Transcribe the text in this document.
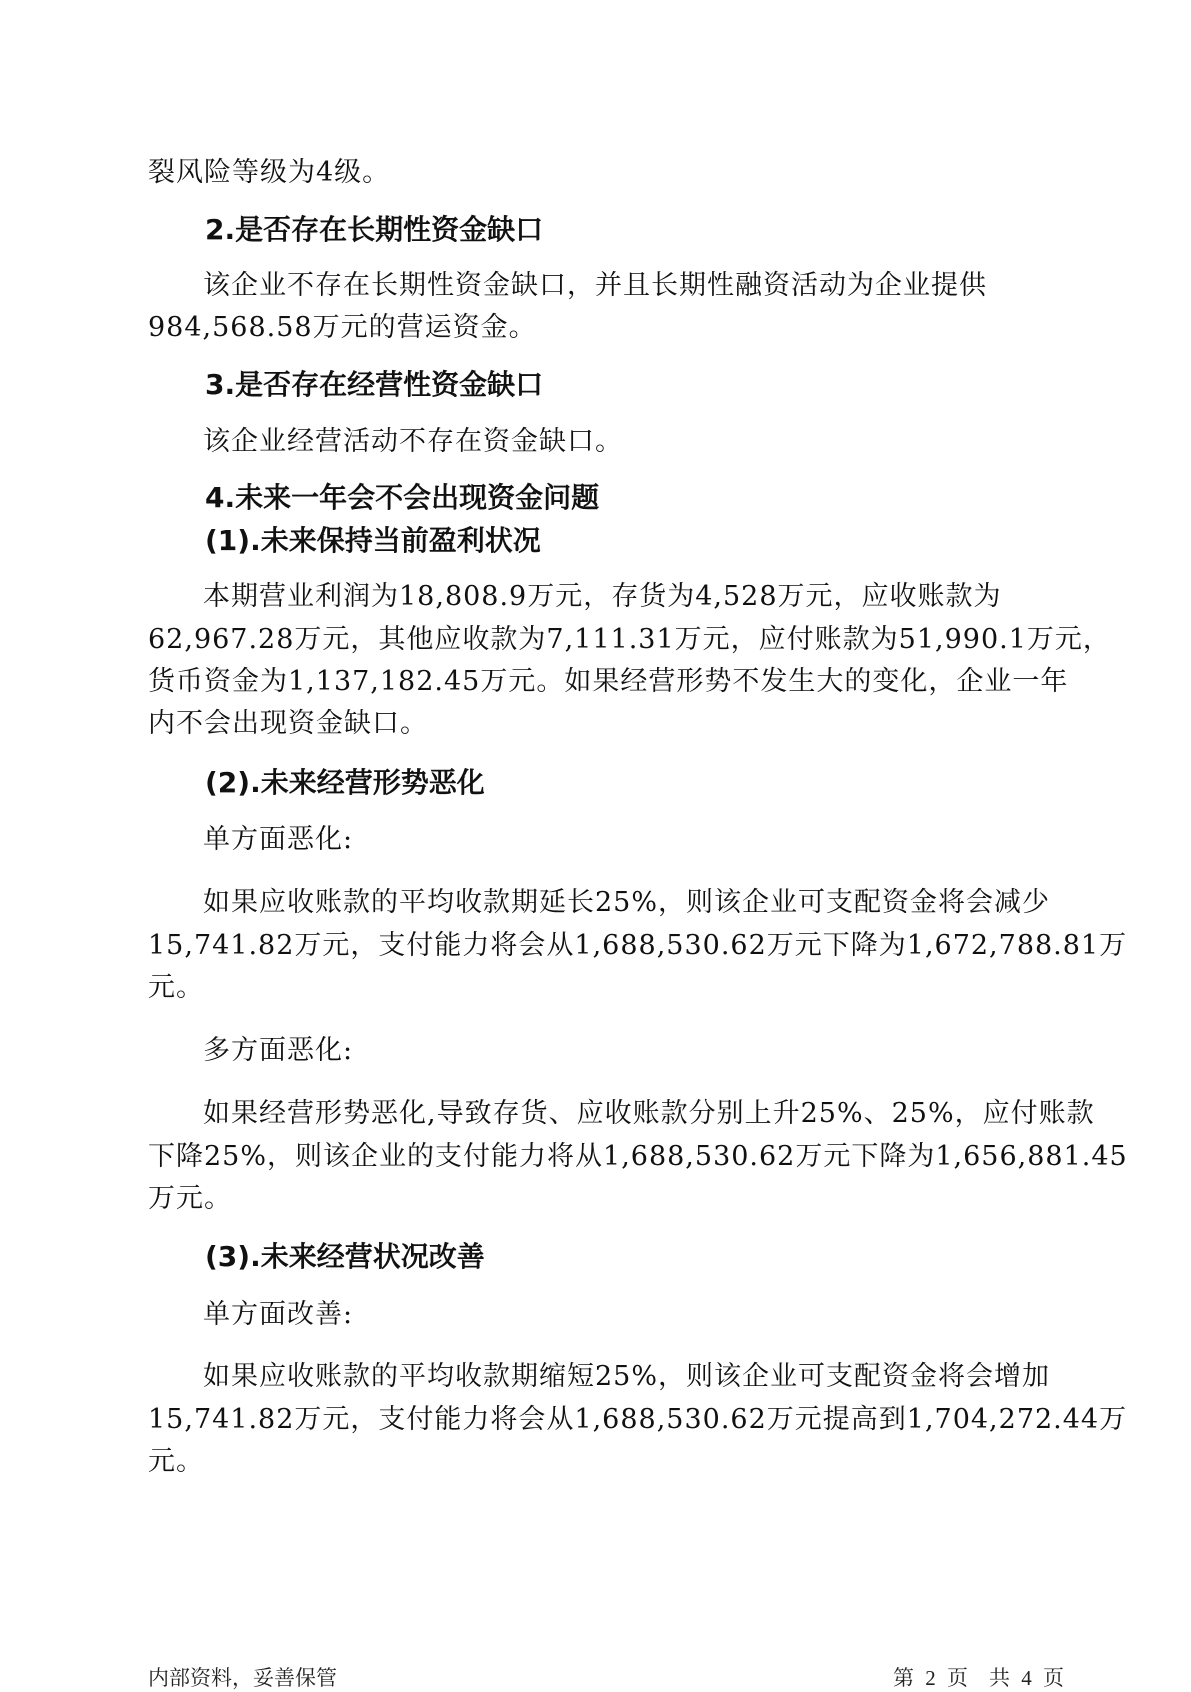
裂风险等级为4级。
2.是否存在长期性资金缺口
该企业不存在长期性资金缺口，并且长期性融资活动为企业提供
984,568.58万元的营运资金。
3.是否存在经营性资金缺口
该企业经营活动不存在资金缺口。
4.未来一年会不会出现资金问题
(1).未来保持当前盈利状况
本期营业利润为18,808.9万元，存货为4,528万元，应收账款为
62,967.28万元，其他应收款为7,111.31万元，应付账款为51,990.1万元，
货币资金为1,137,182.45万元。如果经营形势不发生大的变化，企业一年
内不会出现资金缺口。
(2).未来经营形势恶化
单方面恶化:
如果应收账款的平均收款期延长25%，则该企业可支配资金将会减少
15,741.82万元，支付能力将会从1,688,530.62万元下降为1,672,788.81万
元。
多方面恶化:
如果经营形势恶化,导致存货、应收账款分别上升25%、25%，应付账款
下降25%，则该企业的支付能力将从1,688,530.62万元下降为1,656,881.45
万元。
(3).未来经营状况改善
单方面改善:
如果应收账款的平均收款期缩短25%，则该企业可支配资金将会增加
15,741.82万元，支付能力将会从1,688,530.62万元提高到1,704,272.44万
元。
内部资料，妥善保管	第 2 页　共 4 页
